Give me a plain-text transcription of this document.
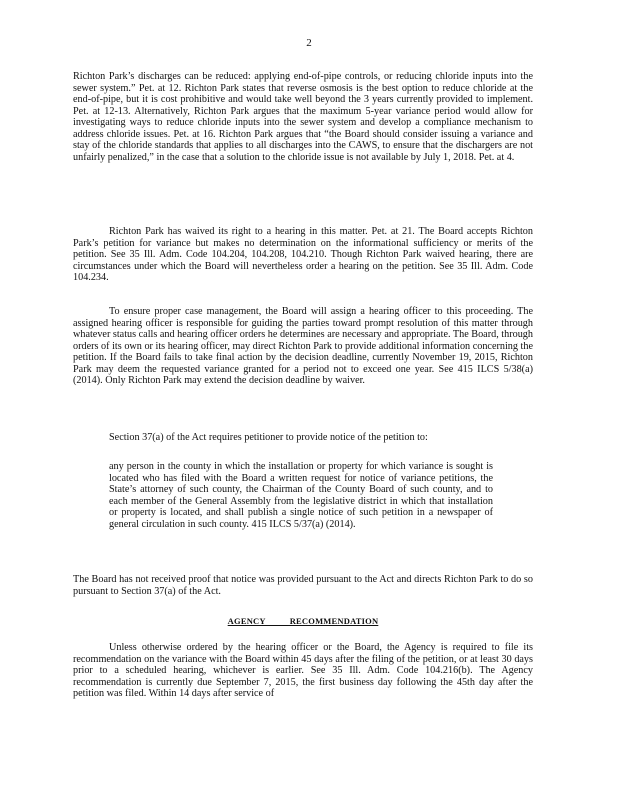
2

Richton Park’s discharges can be reduced: applying end-of-pipe controls, or reducing chloride inputs into the sewer system.” Pet. at 12. Richton Park states that reverse osmosis is the best option to reduce chloride at the end-of-pipe, but it is cost prohibitive and would take well beyond the 3 years currently provided to implement. Pet. at 12-13. Alternatively, Richton Park argues that the maximum 5-year variance period would allow for investigating ways to reduce chloride inputs into the sewer system and develop a compliance mechanism to address chloride issues. Pet. at 16. Richton Park argues that “the Board should consider issuing a variance and stay of the chloride standards that applies to all discharges into the CAWS, to ensure that the dischargers are not unfairly penalized,” in the case that a solution to the chloride issue is not available by July 1, 2018. Pet. at 4.

Richton Park has waived its right to a hearing in this matter. Pet. at 21. The Board accepts Richton Park’s petition for variance but makes no determination on the informational sufficiency or merits of the petition. See 35 Ill. Adm. Code 104.204, 104.208, 104.210. Though Richton Park waived hearing, there are circumstances under which the Board will nevertheless order a hearing on the petition. See 35 Ill. Adm. Code 104.234.

To ensure proper case management, the Board will assign a hearing officer to this proceeding. The assigned hearing officer is responsible for guiding the parties toward prompt resolution of this matter through whatever status calls and hearing officer orders he determines are necessary and appropriate. The Board, through orders of its own or its hearing officer, may direct Richton Park to provide additional information concerning the petition. If the Board fails to take final action by the decision deadline, currently November 19, 2015, Richton Park may deem the requested variance granted for a period not to exceed one year. See 415 ILCS 5/38(a) (2014). Only Richton Park may extend the decision deadline by waiver.

Section 37(a) of the Act requires petitioner to provide notice of the petition to:

any person in the county in which the installation or property for which variance is sought is located who has filed with the Board a written request for notice of variance petitions, the State’s attorney of such county, the Chairman of the County Board of such county, and to each member of the General Assembly from the legislative district in which that installation or property is located, and shall publish a single notice of such petition in a newspaper of general circulation in such county. 415 ILCS 5/37(a) (2014).

The Board has not received proof that notice was provided pursuant to the Act and directs Richton Park to do so pursuant to Section 37(a) of the Act.

AGENCY RECOMMENDATION

Unless otherwise ordered by the hearing officer or the Board, the Agency is required to file its recommendation on the variance with the Board within 45 days after the filing of the petition, or at least 30 days prior to a scheduled hearing, whichever is earlier. See 35 Ill. Adm. Code 104.216(b). The Agency recommendation is currently due September 7, 2015, the first business day following the 45th day after the petition was filed. Within 14 days after service of
